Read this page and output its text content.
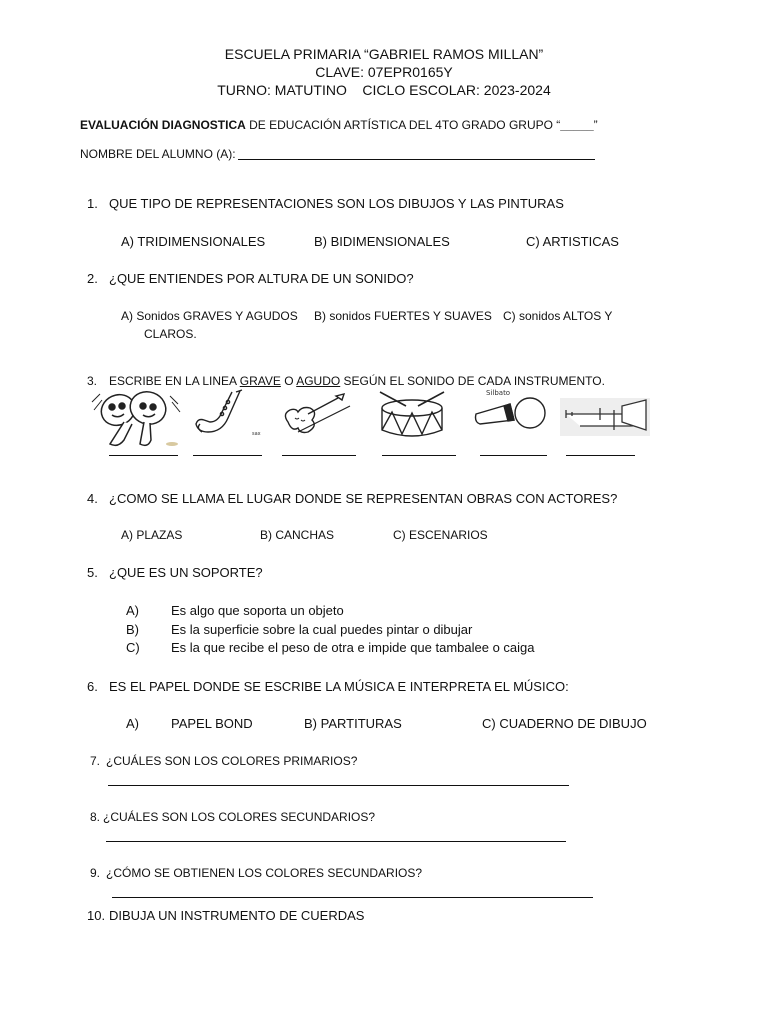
ESCUELA PRIMARIA “GABRIEL RAMOS MILLAN”
CLAVE: 07EPR0165Y
TURNO: MATUTINO CICLO ESCOLAR: 2023-2024
EVALUACIÓN DIAGNOSTICA DE EDUCACIÓN ARTÍSTICA DEL 4TO GRADO GRUPO “_____”
NOMBRE DEL ALUMNO (A):
1. QUE TIPO DE REPRESENTACIONES SON LOS DIBUJOS Y LAS PINTURAS
A) TRIDIMENSIONALES	B) BIDIMENSIONALES	C) ARTISTICAS
2. ¿QUE ENTIENDES POR ALTURA DE UN SONIDO?
A) Sonidos GRAVES Y AGUDOS B) sonidos FUERTES Y SUAVES C) sonidos ALTOS Y
CLAROS.
3. ESCRIBE EN LA LINEA GRAVE O AGUDO SEGÚN EL SONIDO DE CADA INSTRUMENTO.
sax
Silbato
4. ¿COMO SE LLAMA EL LUGAR DONDE SE REPRESENTAN OBRAS CON ACTORES?
A) PLAZAS	B) CANCHAS	C) ESCENARIOS
5. ¿QUE ES UN SOPORTE?
A) Es algo que soporta un objeto
B) Es la superficie sobre la cual puedes pintar o dibujar
C) Es la que recibe el peso de otra e impide que tambalee o caiga
6. ES EL PAPEL DONDE SE ESCRIBE LA MÚSICA E INTERPRETA EL MÚSICO:
A) PAPEL BOND	B) PARTITURAS	C) CUADERNO DE DIBUJO
7. ¿CUÁLES SON LOS COLORES PRIMARIOS?
8. ¿CUÁLES SON LOS COLORES SECUNDARIOS?
9. ¿CÓMO SE OBTIENEN LOS COLORES SECUNDARIOS?
10. DIBUJA UN INSTRUMENTO DE CUERDAS
